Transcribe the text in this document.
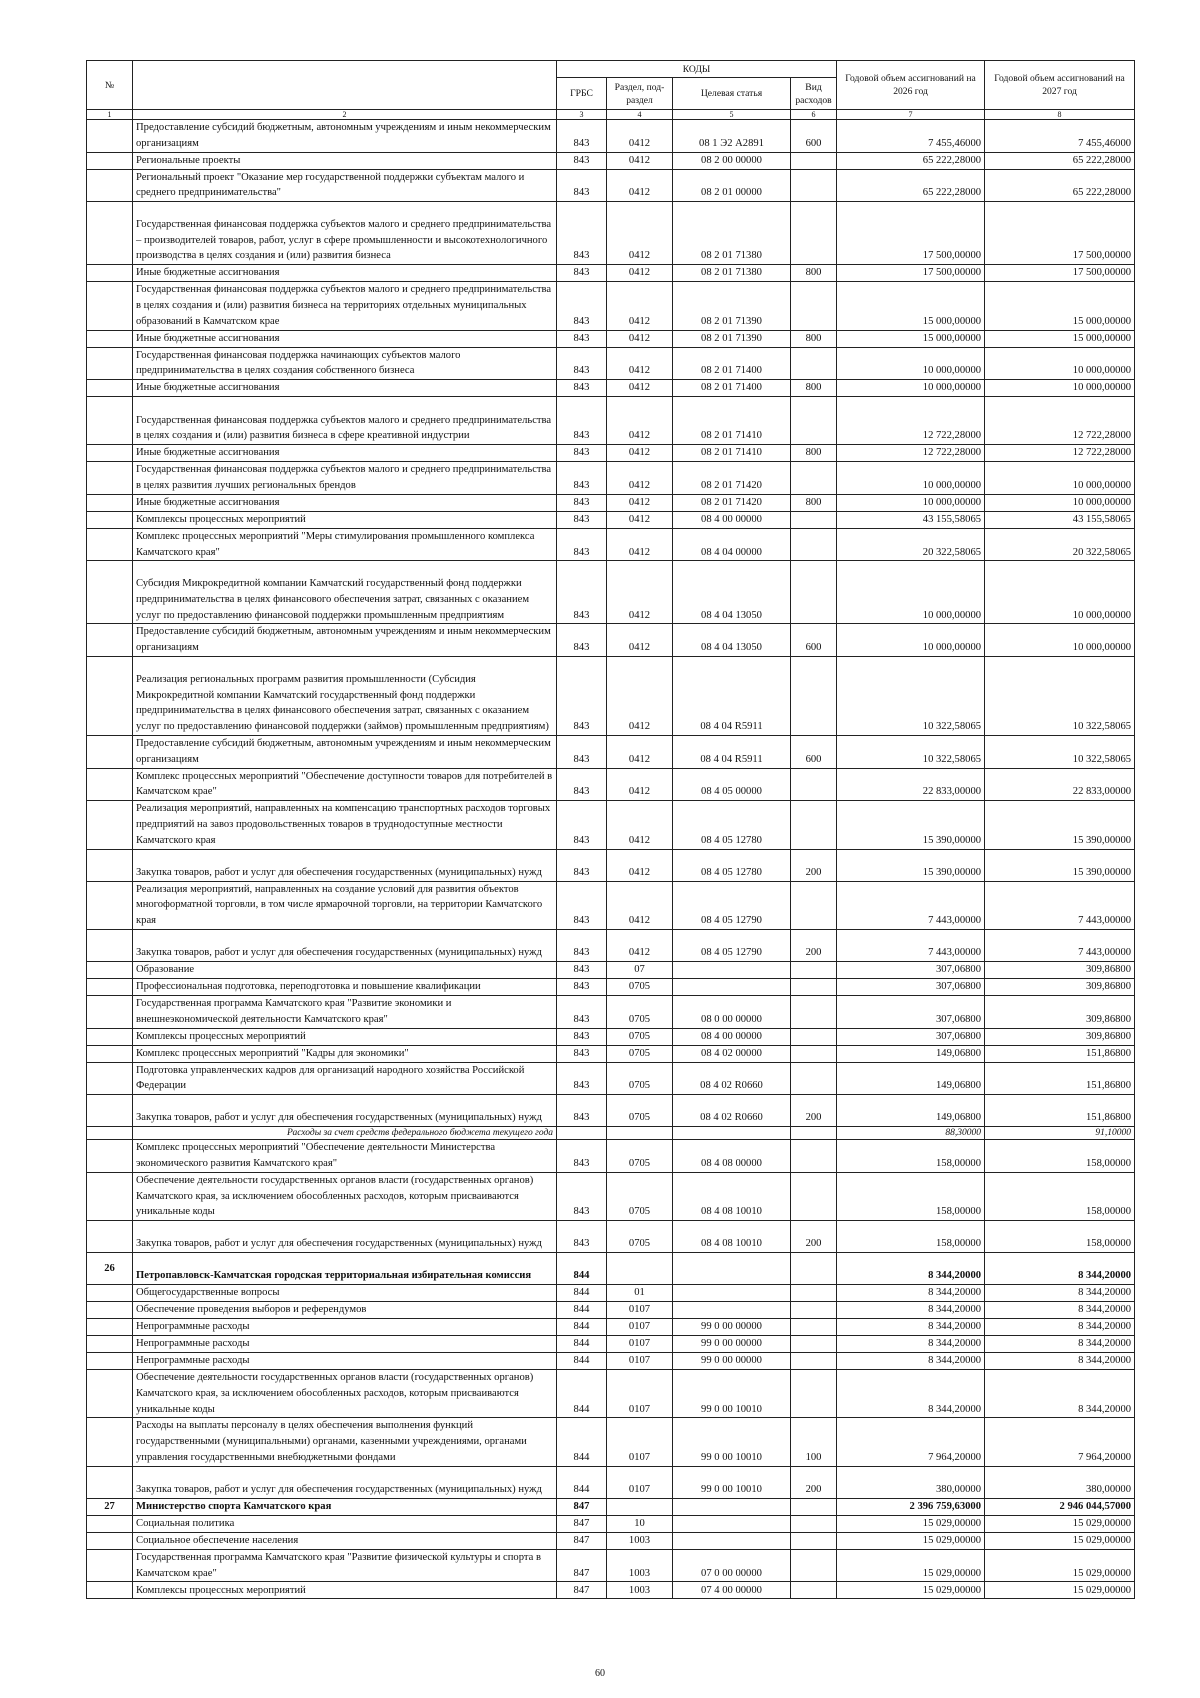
№		КОДЫ				Годовой объем ассигнований на 2026 год	Годовой объем ассигнований на 2027 год
		ГРБС	Раздел, под-раздел	Целевая статья	Вид расходов		
1	2	3	4	5	6	7	8
	Предоставление субсидий бюджетным, автономным учреждениям и иным некоммерческим организациям	843	0412	08 1 Э2 А2891	600	7 455,46000	7 455,46000
	Региональные проекты	843	0412	08 2 00 00000		65 222,28000	65 222,28000
	Региональный проект "Оказание мер государственной поддержки субъектам малого и среднего предпринимательства"	843	0412	08 2 01 00000		65 222,28000	65 222,28000
	Государственная финансовая поддержка субъектов малого и среднего предпринимательства – производителей товаров, работ, услуг в сфере промышленности и высокотехнологичного производства в целях создания и (или) развития бизнеса	843	0412	08 2 01 71380		17 500,00000	17 500,00000
	Иные бюджетные ассигнования	843	0412	08 2 01 71380	800	17 500,00000	17 500,00000
	Государственная финансовая поддержка субъектов малого и среднего предпринимательства в целях создания и (или) развития бизнеса на территориях отдельных муниципальных образований в Камчатском крае	843	0412	08 2 01 71390		15 000,00000	15 000,00000
	Иные бюджетные ассигнования	843	0412	08 2 01 71390	800	15 000,00000	15 000,00000
	Государственная финансовая поддержка начинающих субъектов малого предпринимательства в целях создания собственного бизнеса	843	0412	08 2 01 71400		10 000,00000	10 000,00000
	Иные бюджетные ассигнования	843	0412	08 2 01 71400	800	10 000,00000	10 000,00000
	Государственная финансовая поддержка субъектов малого и среднего предпринимательства в целях создания и (или) развития бизнеса в сфере креативной индустрии	843	0412	08 2 01 71410		12 722,28000	12 722,28000
	Иные бюджетные ассигнования	843	0412	08 2 01 71410	800	12 722,28000	12 722,28000
	Государственная финансовая поддержка субъектов малого и среднего предпринимательства в целях развития лучших региональных брендов	843	0412	08 2 01 71420		10 000,00000	10 000,00000
	Иные бюджетные ассигнования	843	0412	08 2 01 71420	800	10 000,00000	10 000,00000
	Комплексы процессных мероприятий	843	0412	08 4 00 00000		43 155,58065	43 155,58065
	Комплекс процессных мероприятий "Меры стимулирования промышленного комплекса Камчатского края"	843	0412	08 4 04 00000		20 322,58065	20 322,58065
	Субсидия Микрокредитной компании Камчатский государственный фонд поддержки предпринимательства в целях финансового обеспечения затрат, связанных с оказанием услуг по предоставлению финансовой поддержки промышленным предприятиям	843	0412	08 4 04 13050		10 000,00000	10 000,00000
	Предоставление субсидий бюджетным, автономным учреждениям и иным некоммерческим организациям	843	0412	08 4 04 13050	600	10 000,00000	10 000,00000
	Реализация региональных программ развития промышленности (Субсидия Микрокредитной компании Камчатский государственный фонд поддержки предпринимательства в целях финансового обеспечения затрат, связанных с оказанием услуг по предоставлению финансовой поддержки (займов) промышленным предприятиям)	843	0412	08 4 04 R5911		10 322,58065	10 322,58065
	Предоставление субсидий бюджетным, автономным учреждениям и иным некоммерческим организациям	843	0412	08 4 04 R5911	600	10 322,58065	10 322,58065
	Комплекс процессных мероприятий "Обеспечение доступности товаров для потребителей в Камчатском крае"	843	0412	08 4 05 00000		22 833,00000	22 833,00000
	Реализация мероприятий, направленных на компенсацию транспортных расходов торговых предприятий на завоз продовольственных товаров в труднодоступные местности Камчатского края	843	0412	08 4 05 12780		15 390,00000	15 390,00000
	Закупка товаров, работ и услуг для обеспечения государственных (муниципальных) нужд	843	0412	08 4 05 12780	200	15 390,00000	15 390,00000
	Реализация мероприятий, направленных на создание условий для развития объектов многоформатной торговли, в том числе ярмарочной торговли, на территории Камчатского края	843	0412	08 4 05 12790		7 443,00000	7 443,00000
	Закупка товаров, работ и услуг для обеспечения государственных (муниципальных) нужд	843	0412	08 4 05 12790	200	7 443,00000	7 443,00000
	Образование	843	07			307,06800	309,86800
	Профессиональная подготовка, переподготовка и повышение квалификации	843	0705			307,06800	309,86800
	Государственная программа Камчатского края "Развитие экономики и внешнеэкономической деятельности Камчатского края"	843	0705	08 0 00 00000		307,06800	309,86800
	Комплексы процессных мероприятий	843	0705	08 4 00 00000		307,06800	309,86800
	Комплекс процессных мероприятий "Кадры для экономики"	843	0705	08 4 02 00000		149,06800	151,86800
	Подготовка управленческих кадров для организаций народного хозяйства Российской Федерации	843	0705	08 4 02 R0660		149,06800	151,86800
	Закупка товаров, работ и услуг для обеспечения государственных (муниципальных) нужд	843	0705	08 4 02 R0660	200	149,06800	151,86800
	Расходы за счет средств федерального бюджета текущего года					88,30000	91,10000
	Комплекс процессных мероприятий "Обеспечение деятельности Министерства экономического развития Камчатского края"	843	0705	08 4 08 00000		158,00000	158,00000
	Обеспечение деятельности государственных органов власти (государственных органов) Камчатского края, за исключением обособленных расходов, которым присваиваются уникальные коды	843	0705	08 4 08 10010		158,00000	158,00000
	Закупка товаров, работ и услуг для обеспечения государственных (муниципальных) нужд	843	0705	08 4 08 10010	200	158,00000	158,00000
26	Петропавловск-Камчатская городская территориальная избирательная комиссия	844				8 344,20000	8 344,20000
	Общегосударственные вопросы	844	01			8 344,20000	8 344,20000
	Обеспечение проведения выборов и референдумов	844	0107			8 344,20000	8 344,20000
	Непрограммные расходы	844	0107	99 0 00 00000		8 344,20000	8 344,20000
	Непрограммные расходы	844	0107	99 0 00 00000		8 344,20000	8 344,20000
	Непрограммные расходы	844	0107	99 0 00 00000		8 344,20000	8 344,20000
	Обеспечение деятельности государственных органов власти (государственных органов) Камчатского края, за исключением обособленных расходов, которым присваиваются уникальные коды	844	0107	99 0 00 10010		8 344,20000	8 344,20000
	Расходы на выплаты персоналу в целях обеспечения выполнения функций государственными (муниципальными) органами, казенными учреждениями, органами управления государственными внебюджетными фондами	844	0107	99 0 00 10010	100	7 964,20000	7 964,20000
	Закупка товаров, работ и услуг для обеспечения государственных (муниципальных) нужд	844	0107	99 0 00 10010	200	380,00000	380,00000
27	Министерство спорта Камчатского края	847				2 396 759,63000	2 946 044,57000
	Социальная политика	847	10			15 029,00000	15 029,00000
	Социальное обеспечение населения	847	1003			15 029,00000	15 029,00000
	Государственная программа Камчатского края "Развитие физической культуры и спорта в Камчатском крае"	847	1003	07 0 00 00000		15 029,00000	15 029,00000
	Комплексы процессных мероприятий	847	1003	07 4 00 00000		15 029,00000	15 029,00000
60
